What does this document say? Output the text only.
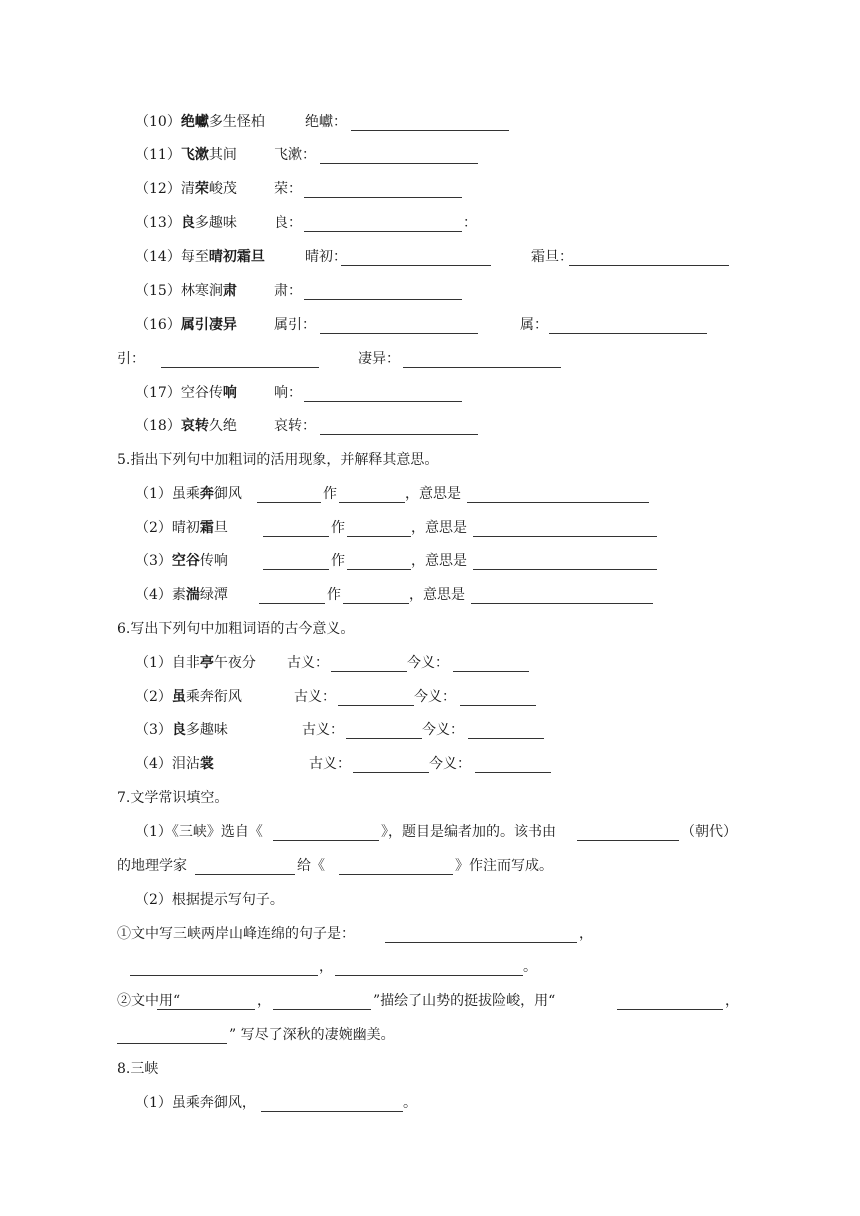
（10）绝巘多生怪柏	绝巘：
（11）飞漱其间	飞漱：
（12）清荣峻茂	荣：
（13）良多趣味	良：	：
（14）每至晴初霜旦	晴初：	霜旦：
（15）林寒涧肃	肃：
（16）属引凄异	属引：	属：
引：	凄异：
（17）空谷传响	响：
（18）哀转久绝	哀转：
5.指出下列句中加粗词的活用现象，并解释其意思。
（1）虽乘奔御风	作	，意思是
（2）晴初霜旦	作	，意思是
（3）空谷传响	作	，意思是
（4）素湍绿潭	作	，意思是
6.写出下列句中加粗词语的古今意义。
（1）自非亭午夜分 古义：	今义：
（2）虽乘奔衔风	古义：	今义：
（3）良多趣味	古义：	今义：
（4）泪沾裳	古义：	今义：
7.文学常识填空。
（1）《三峡》选自《	》，题目是编者加的。该书由	（朝代）
的地理学家	给《	》作注而写成。
（2）根据提示写句子。
①文中写三峡两岸山峰连绵的句子是：	，
，	。
②文中用“	，	”描绘了山势的挺拔险峻，用“	，
” 写尽了深秋的凄婉幽美。
8.三峡
（1）虽乘奔御风，	。
